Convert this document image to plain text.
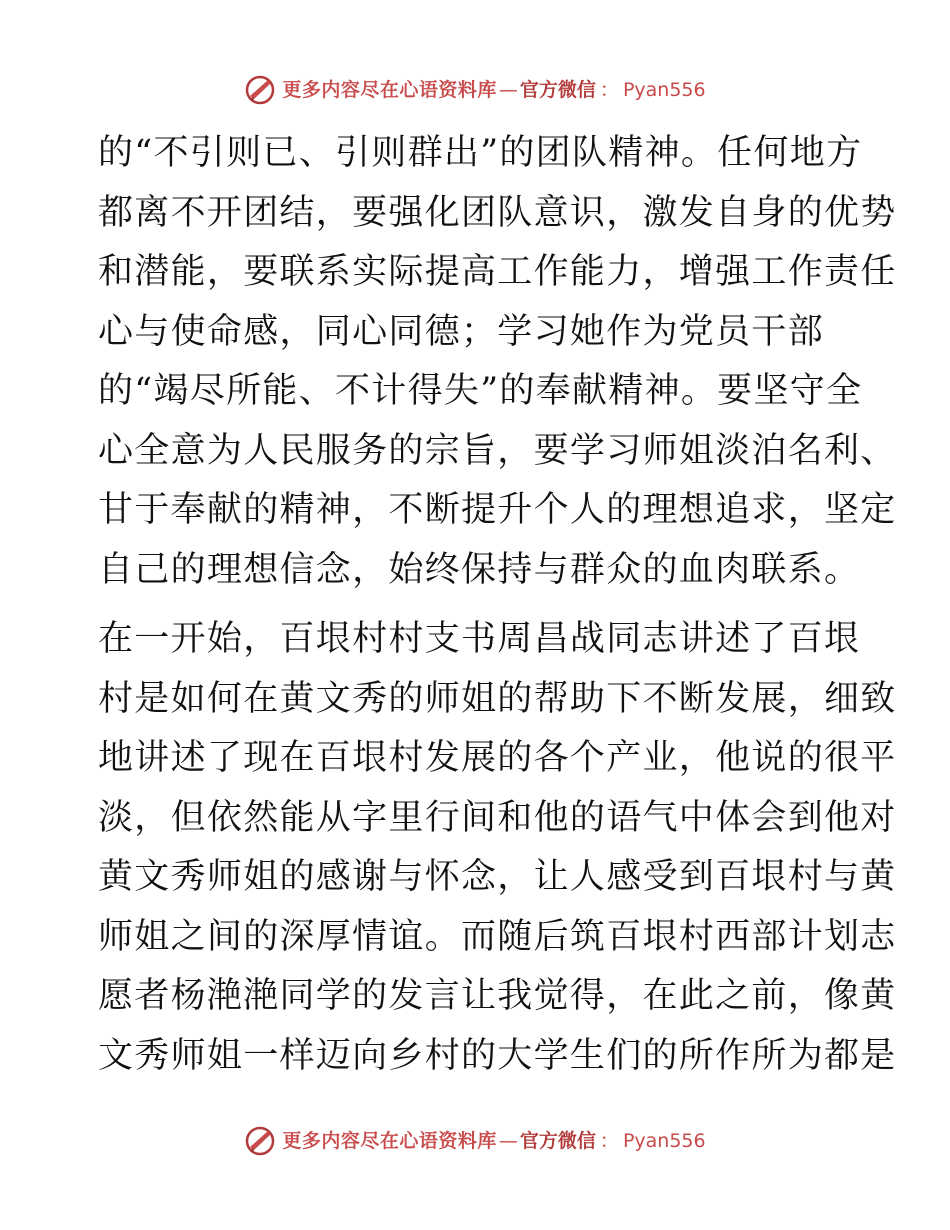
更多内容尽在心语资料库 — 官方微信 ： Pyan556
的“不引则已、引则群出”的团队精神。任何地方
都离不开团结，要强化团队意识，激发自身的优势
和潜能，要联系实际提高工作能力，增强工作责任
心与使命感，同心同德；学习她作为党员干部
的“竭尽所能、不计得失”的奉献精神。要坚守全
心全意为人民服务的宗旨，要学习师姐淡泊名利、
甘于奉献的精神，不断提升个人的理想追求，坚定
自己的理想信念，始终保持与群众的血肉联系。
在一开始，百垠村村支书周昌战同志讲述了百垠
村是如何在黄文秀的师姐的帮助下不断发展，细致
地讲述了现在百垠村发展的各个产业，他说的很平
淡，但依然能从字里行间和他的语气中体会到他对
黄文秀师姐的感谢与怀念，让人感受到百垠村与黄
师姐之间的深厚情谊。而随后筑百垠村西部计划志
愿者杨滟滟同学的发言让我觉得，在此之前，像黄
文秀师姐一样迈向乡村的大学生们的所作所为都是
更多内容尽在心语资料库 — 官方微信 ： Pyan556
